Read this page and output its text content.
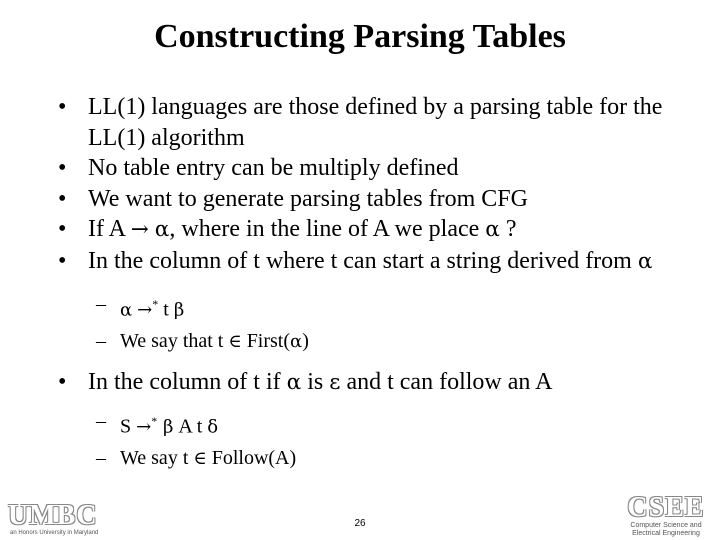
Constructing Parsing Tables
• LL(1) languages are those defined by a parsing table for the LL(1) algorithm
• No table entry can be multiply defined
• We want to generate parsing tables from CFG
• If A → α, where in the line of A we place α ?
• In the column of t where t can start a string derived from α
– α →* t β
– We say that t ∈ First(α)
• In the column of t if α is ε and t can follow an A
– S →* β A t δ
– We say t ∈ Follow(A)
UMBC
an Honors University in Maryland
26
CSEE
Computer Science and Electrical Engineering
